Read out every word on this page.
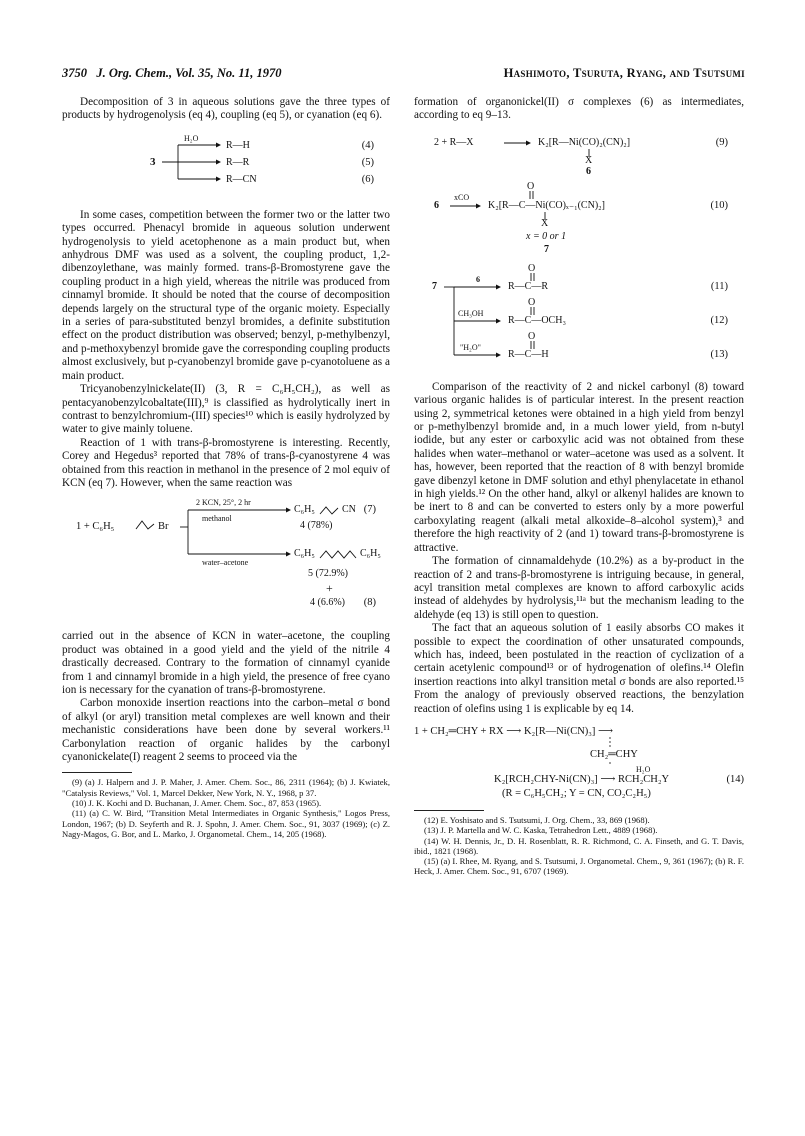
3750 J. Org. Chem., Vol. 35, No. 11, 1970	Hashimoto, Tsuruta, Ryang, and Tsutsumi

Decomposition of 3 in aqueous solutions gave the three types of products by hydrogenolysis (eq 4), coupling (eq 5), or cyanation (eq 6).

3
H₂O
R—H
R—R
R—CN
(4)
(5)
(6)

In some cases, competition between the former two or the latter two types occurred. Phenacyl bromide in aqueous solution underwent hydrogenolysis to yield acetophenone as a main product but, when anhydrous DMF was used as a solvent, the coupling product, 1,2-dibenzoylethane, was mainly formed. trans-β-Bromostyrene gave the coupling product in a high yield, whereas the nitrile was produced from cinnamyl bromide. It should be noted that the course of decomposition depends largely on the structural type of the organic moiety. Especially in a series of para-substituted benzyl bromides, a definite substitution effect on the product distribution was observed; benzyl, p-methylbenzyl, and p-methoxybenzyl bromide gave the corresponding coupling products almost exclusively, but p-cyanobenzyl bromide gave p-cyanotoluene as a main product.

Tricyanobenzylnickelate(II) (3, R = C₆H₅CH₂), as well as pentacyanobenzylcobaltate(III),⁹ is classified as hydrolytically inert in contrast to benzylchromium-(III) species¹⁰ which is easily hydrolyzed by water to give mainly toluene.

Reaction of 1 with trans-β-bromostyrene is interesting. Recently, Corey and Hegedus³ reported that 78% of trans-β-cyanostyrene 4 was obtained from this reaction in methanol in the presence of 2 mol equiv of KCN (eq 7). However, when the same reaction was

1 + C₆H₅	Br
2 KCN, 25°, 2 hr
methanol
C₆H₅	CN
4 (78%)
(7)
water–acetone
C₆H₅	C₆H₅
5 (72.9%)
+
4 (6.6%) (8)

carried out in the absence of KCN in water–acetone, the coupling product was obtained in a good yield and the yield of the nitrile 4 drastically decreased. Contrary to the formation of cinnamyl cyanide from 1 and cinnamyl bromide in a high yield, the presence of free cyano ion is necessary for the cyanation of trans-β-bromostyrene.

Carbon monoxide insertion reactions into the carbon–metal σ bond of alkyl (or aryl) transition metal complexes are well known and their mechanistic considerations have been done by several workers.¹¹ Carbonylation reaction of organic halides by the carbonyl cyanonickelate(I) reagent 2 seems to proceed via the

(9) (a) J. Halpern and J. P. Maher, J. Amer. Chem. Soc., 86, 2311 (1964); (b) J. Kwiatek, "Catalysis Reviews," Vol. 1, Marcel Dekker, New York, N. Y., 1968, p 37.
(10) J. K. Kochi and D. Buchanan, J. Amer. Chem. Soc., 87, 853 (1965).
(11) (a) C. W. Bird, "Transition Metal Intermediates in Organic Synthesis," Logos Press, London, 1967; (b) D. Seyferth and R. J. Spohn, J. Amer. Chem. Soc., 91, 3037 (1969); (c) Z. Nagy-Magos, G. Bor, and L. Marko, J. Organometal. Chem., 14, 205 (1968).

formation of organonickel(II) σ complexes (6) as intermediates, according to eq 9–13.

2 + R—X	K₂[R—Ni(CO)₂(CN)₂]
X
6
(9)
6
xCO
O
K₂[R—C—Ni(CO)ₓ₋₁(CN)₂]
X
x = 0 or 1
7
(10)
7
6
O
R—C—R	(11)
CH₃OH
O
R—C—OCH₃	(12)
"H₂O"
O
R—C—H	(13)

Comparison of the reactivity of 2 and nickel carbonyl (8) toward various organic halides is of particular interest. In the present reaction using 2, symmetrical ketones were obtained in a high yield from benzyl or p-methylbenzyl bromide and, in a much lower yield, from n-butyl iodide, but any ester or carboxylic acid was not obtained from these halides when water–methanol or water–acetone was used as a solvent. It has, however, been reported that the reaction of 8 with benzyl bromide gave dibenzyl ketone in DMF solution and ethyl phenylacetate in ethanol in high yields.¹² On the other hand, alkyl or alkenyl halides are known to be inert to 8 and can be converted to esters only by a more powerful carboxylating reagent (alkali metal alkoxide–8–alcohol system),³ and therefore the high reactivity of 2 (and 1) toward trans-β-bromostyrene is attractive.

The formation of cinnamaldehyde (10.2%) as a by-product in the reaction of 2 and trans-β-bromostyrene is intriguing because, in general, acyl transition metal complexes are known to afford carboxylic acids instead of aldehydes by hydrolysis,¹¹ᵃ but the mechanism leading to the aldehyde (eq 13) is still open to question.

The fact that an aqueous solution of 1 easily absorbs CO makes it possible to expect the coordination of other unsaturated compounds, which has, indeed, been postulated in the reaction of cyclization of a certain acetylenic compound¹³ or of hydrogenation of olefins.¹⁴ Olefin insertion reactions into alkyl transition metal σ bonds are also reported.¹⁵ From the analogy of previously observed reactions, the benzylation reaction of olefins using 1 is explicable by eq 14.

1 + CH₂═CHY + RX ⟶ K₂[R—Ni(CN)₃] ⟶
CH₂═CHY
H₂O
K₂[RCH₂CHY-Ni(CN)₃] ⟶ RCH₂CH₂Y	(14)
(R = C₆H₅CH₂; Y = CN, CO₂C₂H₅)
(12) E. Yoshisato and S. Tsutsumi, J. Org. Chem., 33, 869 (1968).
(13) J. P. Martella and W. C. Kaska, Tetrahedron Lett., 4889 (1968).
(14) W. H. Dennis, Jr., D. H. Rosenblatt, R. R. Richmond, C. A. Finseth, and G. T. Davis, ibid., 1821 (1968).
(15) (a) I. Rhee, M. Ryang, and S. Tsutsumi, J. Organometal. Chem., 9, 361 (1967); (b) R. F. Heck, J. Amer. Chem. Soc., 91, 6707 (1969).
